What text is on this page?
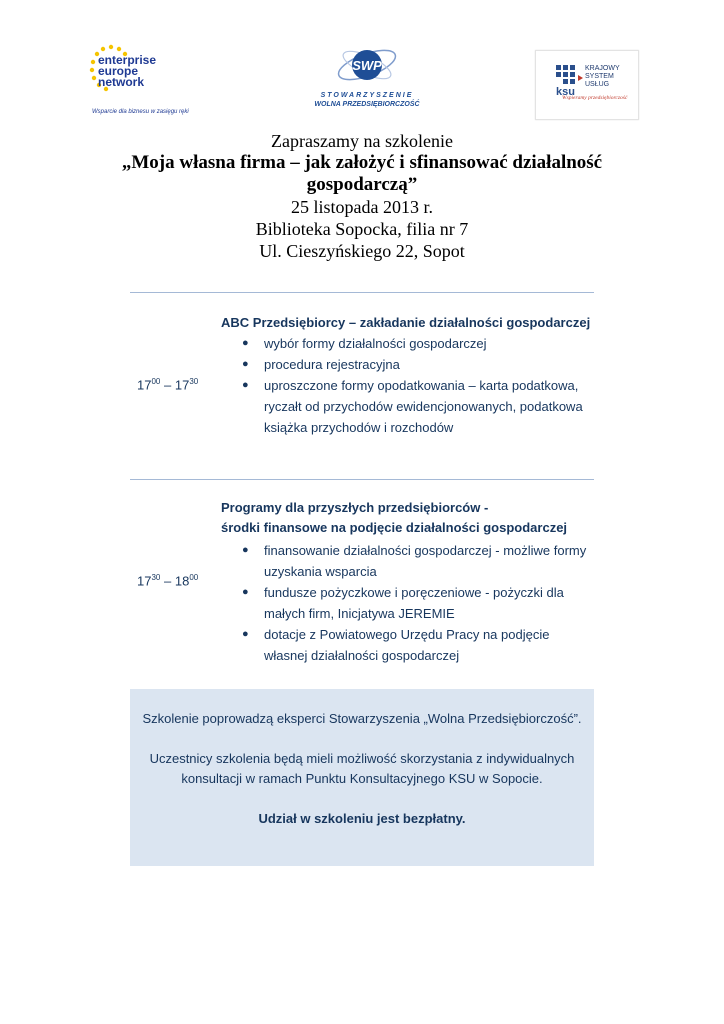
enterprise
europe
network
Wsparcie dla biznesu w zasięgu ręki
SWP
STOWARZYSZENIE
WOLNA PRZEDSIĘBIORCZOŚĆ
ksu
KRAJOWY
SYSTEM
USŁUG
Wspieramy przedsiębiorczość
Zapraszamy na szkolenie
„Moja własna firma – jak założyć i sfinansować działalność
gospodarczą”
25 listopada 2013 r.
Biblioteka Sopocka, filia nr 7
Ul. Cieszyńskiego 22, Sopot
$17^{00} - 17^{30}$
ABC Przedsiębiorcy – zakładanie działalności gospodarczej
● wybór formy działalności gospodarczej
● procedura rejestracyjna
● uproszczone formy opodatkowania – karta podatkowa, ryczałt od przychodów ewidencjonowanych, podatkowa książka przychodów i rozchodów
$17^{30} - 18^{00}$
Programy dla przyszłych przedsiębiorców -
środki finansowe na podjęcie działalności gospodarczej
● finansowanie działalności gospodarczej - możliwe formy uzyskania wsparcia
● fundusze pożyczkowe i poręczeniowe - pożyczki dla małych firm, Inicjatywa JEREMIE
● dotacje z Powiatowego Urzędu Pracy na podjęcie własnej działalności gospodarczej

Szkolenie poprowadzą eksperci Stowarzyszenia „Wolna Przedsiębiorczość”.

Uczestnicy szkolenia będą mieli możliwość skorzystania z indywidualnych

konsultacji w ramach Punktu Konsultacyjnego KSU w Sopocie.

Udział w szkoleniu jest bezpłatny.
